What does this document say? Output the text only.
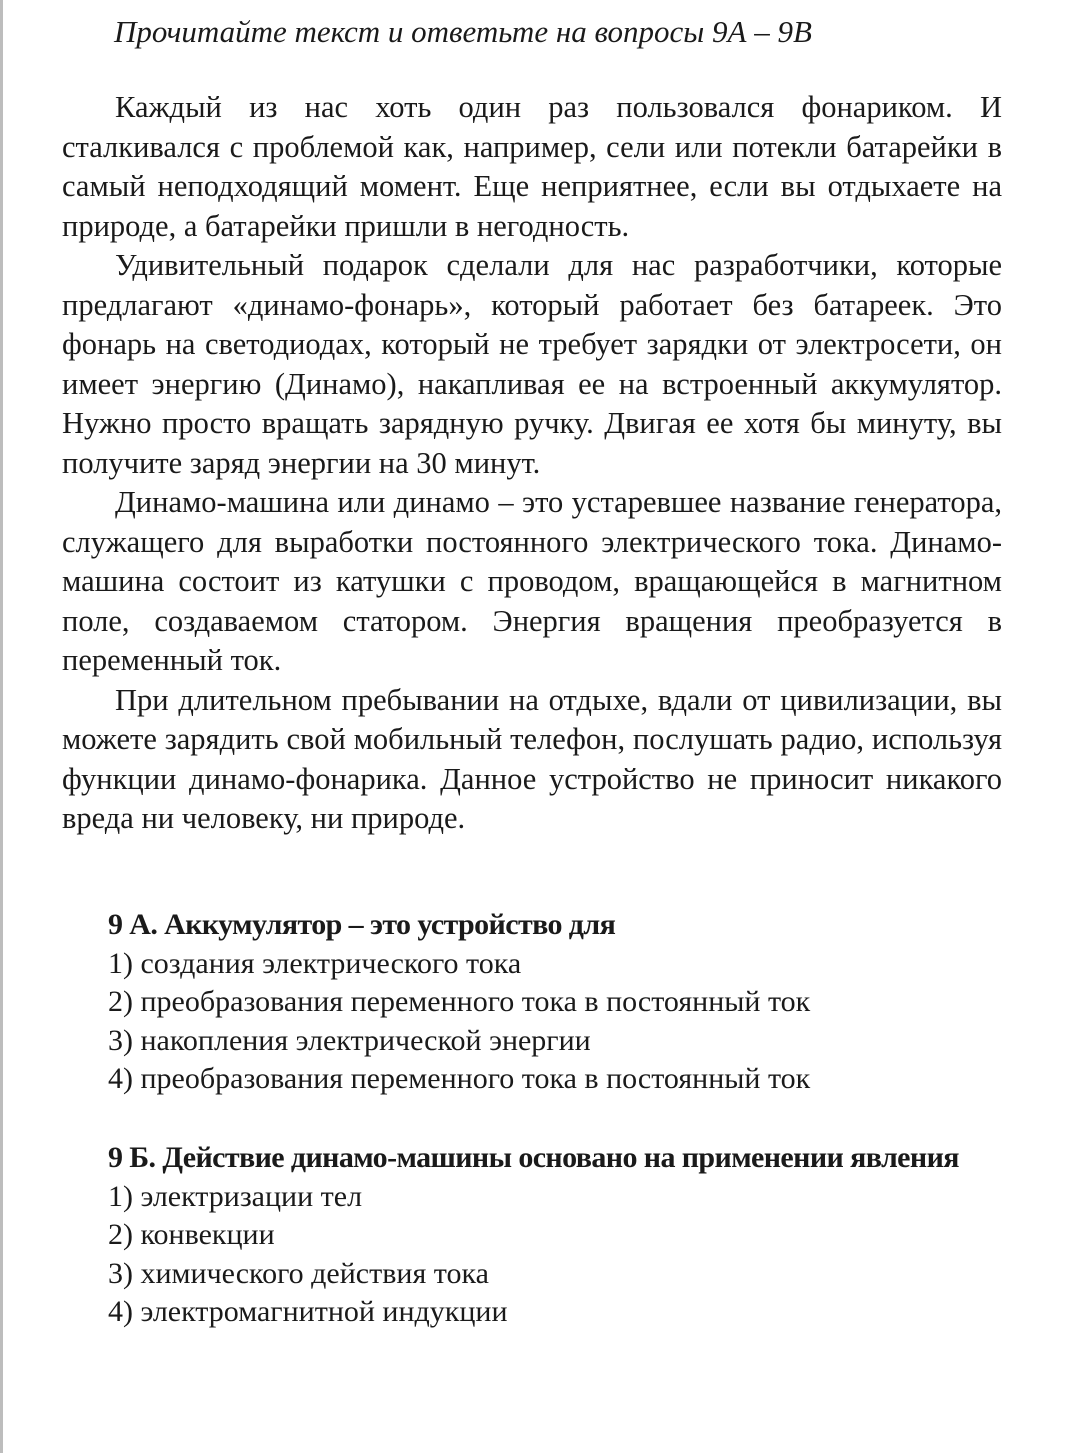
Прочитайте текст и ответьте на вопросы 9А – 9В

Каждый из нас хоть один раз пользовался фонариком. И сталкивался с проблемой как, например, сели или потекли батарейки в самый неподходящий момент. Еще неприятнее, если вы отдыхаете на природе, а батарейки пришли в негодность.

Удивительный подарок сделали для нас разработчики, которые предлагают «динамо-фонарь», который работает без батареек. Это фонарь на светодиодах, который не требует зарядки от электросети, он имеет энергию (Динамо), накапливая ее на встроенный аккумулятор. Нужно просто вращать зарядную ручку. Двигая ее хотя бы минуту, вы получите заряд энергии на 30 минут.

Динамо-машина или динамо – это устаревшее название генератора, служащего для выработки постоянного электрического тока. Динамо-машина состоит из катушки с проводом, вращающейся в магнитном поле, создаваемом статором. Энергия вращения преобразуется в переменный ток.

При длительном пребывании на отдыхе, вдали от цивилизации, вы можете зарядить свой мобильный телефон, послушать радио, используя функции динамо-фонарика. Данное устройство не приносит никакого вреда ни человеку, ни природе.

9 А. Аккумулятор – это устройство для

1) создания электрического тока
2) преобразования переменного тока в постоянный ток
3) накопления электрической энергии
4) преобразования переменного тока в постоянный ток

9 Б. Действие динамо-машины основано на применении явления

1) электризации тел
2) конвекции
3) химического действия тока
4) электромагнитной индукции
